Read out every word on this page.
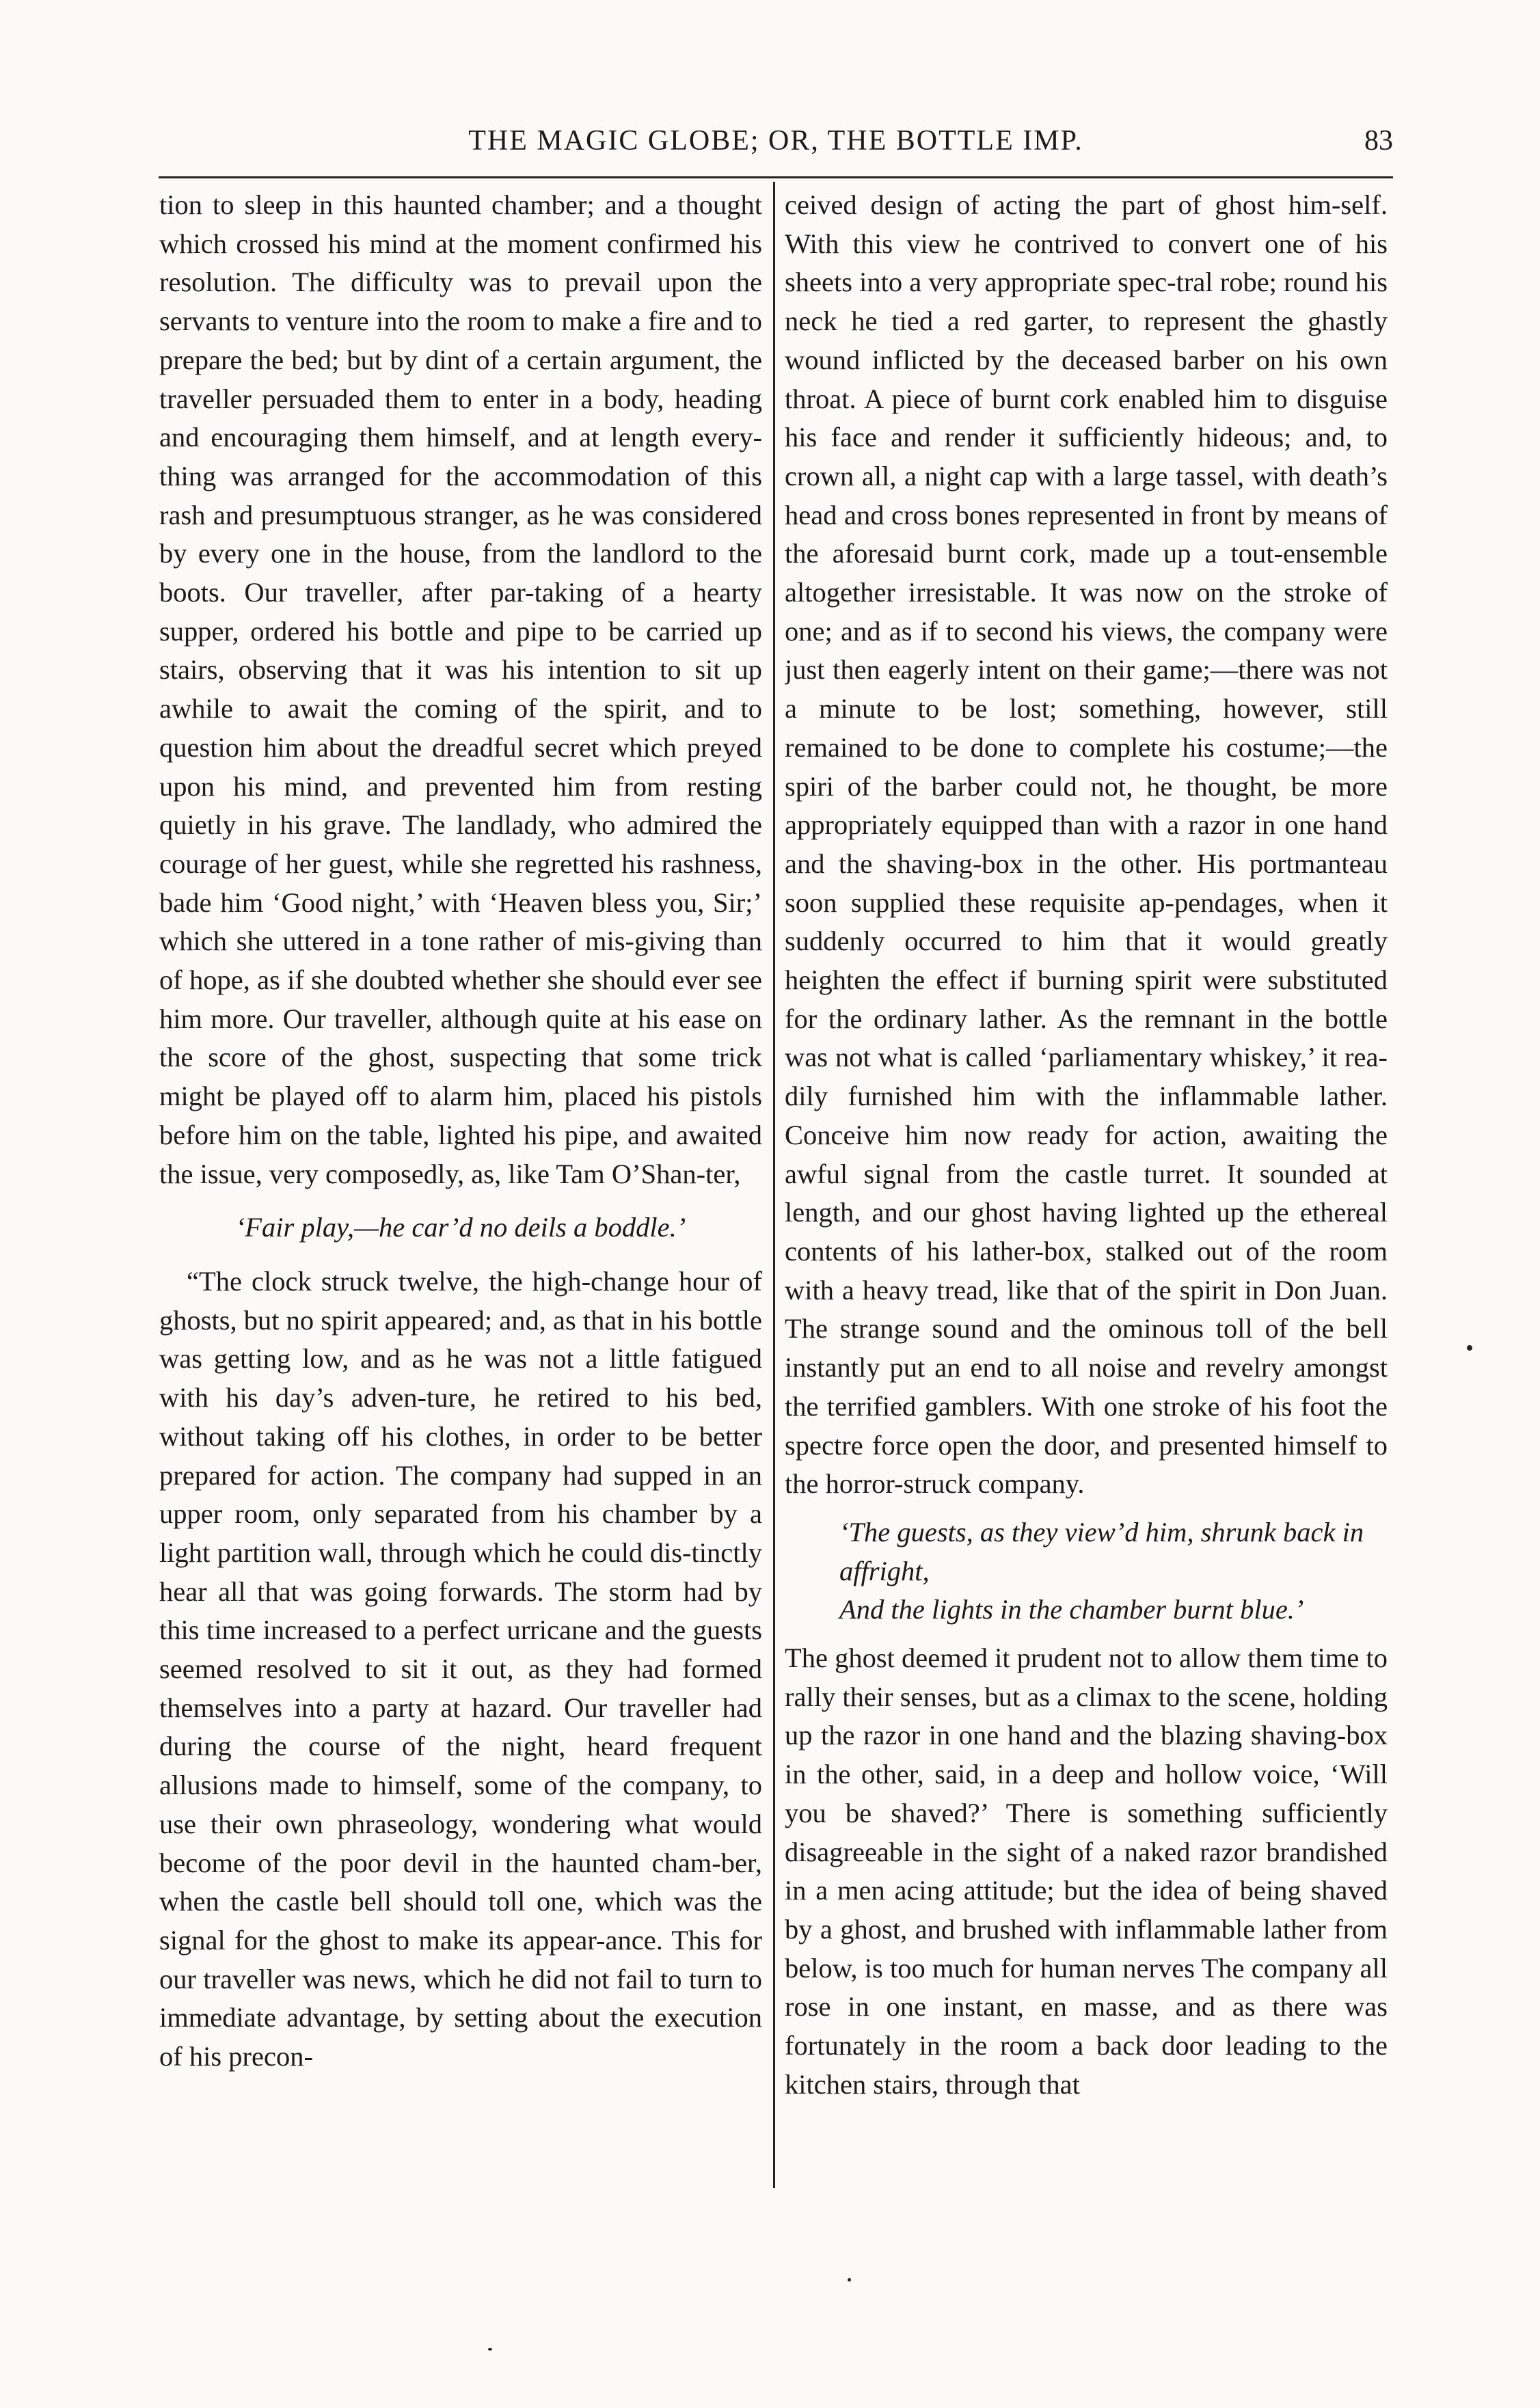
THE MAGIC GLOBE; OR, THE BOTTLE IMP.	83

tion to sleep in this haunted chamber; and a thought which crossed his mind at the moment confirmed his resolution. The difficulty was to prevail upon the servants to venture into the room to make a fire and to prepare the bed; but by dint of a certain argument, the traveller persuaded them to enter in a body, heading and encouraging them himself, and at length every-thing was arranged for the accommodation of this rash and presumptuous stranger, as he was considered by every one in the house, from the landlord to the boots. Our traveller, after par-taking of a hearty supper, ordered his bottle and pipe to be carried up stairs, observing that it was his intention to sit up awhile to await the coming of the spirit, and to question him about the dreadful secret which preyed upon his mind, and prevented him from resting quietly in his grave. The landlady, who admired the courage of her guest, while she regretted his rashness, bade him ‘Good night,’ with ‘Heaven bless you, Sir;’ which she uttered in a tone rather of mis-giving than of hope, as if she doubted whether she should ever see him more. Our traveller, although quite at his ease on the score of the ghost, suspecting that some trick might be played off to alarm him, placed his pistols before him on the table, lighted his pipe, and awaited the issue, very composedly, as, like Tam O’Shan-ter,

‘Fair play,—he car’d no deils a boddle.’

“The clock struck twelve, the high-change hour of ghosts, but no spirit appeared; and, as that in his bottle was getting low, and as he was not a little fatigued with his day’s adven-ture, he retired to his bed, without taking off his clothes, in order to be better prepared for action. The company had supped in an upper room, only separated from his chamber by a light partition wall, through which he could dis-tinctly hear all that was going forwards. The storm had by this time increased to a perfect urricane and the guests seemed resolved to sit it out, as they had formed themselves into a party at hazard. Our traveller had during the course of the night, heard frequent allusions made to himself, some of the company, to use their own phraseology, wondering what would become of the poor devil in the haunted cham-ber, when the castle bell should toll one, which was the signal for the ghost to make its appear-ance. This for our traveller was news, which he did not fail to turn to immediate advantage, by setting about the execution of his precon-

ceived design of acting the part of ghost him-self. With this view he contrived to convert one of his sheets into a very appropriate spec-tral robe; round his neck he tied a red garter, to represent the ghastly wound inflicted by the deceased barber on his own throat. A piece of burnt cork enabled him to disguise his face and render it sufficiently hideous; and, to crown all, a night cap with a large tassel, with death’s head and cross bones represented in front by means of the aforesaid burnt cork, made up a tout-ensemble altogether irresistable. It was now on the stroke of one; and as if to second his views, the company were just then eagerly intent on their game;—there was not a minute to be lost; something, however, still remained to be done to complete his costume;—the spiri of the barber could not, he thought, be more appropriately equipped than with a razor in one hand and the shaving-box in the other. His portmanteau soon supplied these requisite ap-pendages, when it suddenly occurred to him that it would greatly heighten the effect if burning spirit were substituted for the ordinary lather. As the remnant in the bottle was not what is called ‘parliamentary whiskey,’ it rea-dily furnished him with the inflammable lather. Conceive him now ready for action, awaiting the awful signal from the castle turret. It sounded at length, and our ghost having lighted up the ethereal contents of his lather-box, stalked out of the room with a heavy tread, like that of the spirit in Don Juan. The strange sound and the ominous toll of the bell instantly put an end to all noise and revelry amongst the terrified gamblers. With one stroke of his foot the spectre force open the door, and presented himself to the horror-struck company.

‘The guests, as they view’d him, shrunk back in affright,
And the lights in the chamber burnt blue.’

The ghost deemed it prudent not to allow them time to rally their senses, but as a climax to the scene, holding up the razor in one hand and the blazing shaving-box in the other, said, in a deep and hollow voice, ‘Will you be shaved?’ There is something sufficiently disagreeable in the sight of a naked razor brandished in a men acing attitude; but the idea of being shaved by a ghost, and brushed with inflammable lather from below, is too much for human nerves The company all rose in one instant, en masse, and as there was fortunately in the room a back door leading to the kitchen stairs, through that
